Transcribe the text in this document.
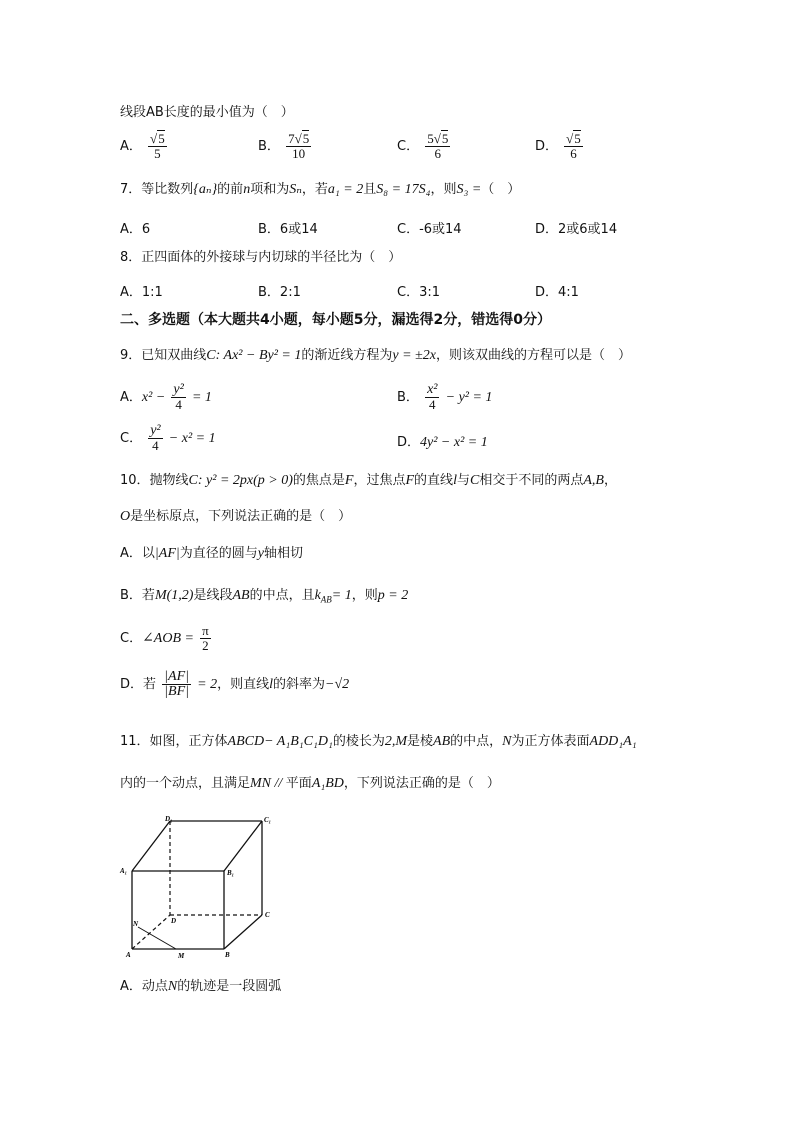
线段AB长度的最小值为（　）
A． $\frac{√5}{5}$	B． $\frac{7√5}{10}$	C． $\frac{5√5}{6}$	D． $\frac{√5}{6}$
7．等比数列{aₙ}的前n项和为Sₙ，若a₁ = 2且S₈ = 17S₄，则S₃ =（　）
A．6	B．6或14	C．-6或14	D．2或6或14
8．正四面体的外接球与内切球的半径比为（　）
A．1:1	B．2:1	C．3:1	D．4:1
二、多选题（本大题共4小题，每小题5分，漏选得2分，错选得0分）
9．已知双曲线C: Ax² − By² = 1的渐近线方程为y = ±2x，则该双曲线的方程可以是（　）
A．$x^2 - \frac{\text{y²}}{4} = 1$	B． $\frac{\text{x²}}{4} - y^2 = 1$
C． $\frac{\text{y²}}{4} - x^2 = 1$	D．4y² − x² = 1
10．抛物线C: y² = 2px(p > 0)的焦点是F，过焦点F的直线l与C相交于不同的两点A,B，
O是坐标原点，下列说法正确的是（　）
A．以|AF|为直径的圆与y轴相切
B．若M(1,2)是线段AB的中点，且$k_{AB}= 1$，则p = 2
C．∠AOB = $\frac{\pi}{2}$
D．若 $\frac{|AF|}{|BF|} = 2$，则直线l的斜率为−√2
11．如图，正方体ABCD− A₁B₁C₁D₁的棱长为2,M是棱AB的中点，N为正方体表面ADD₁A₁
内的一个动点，且满足MN // 平面A₁BD，下列说法正确的是（　）
D₁	C₁
A₁	B₁
D
C
A	B
N
M
A．动点N的轨迹是一段圆弧
